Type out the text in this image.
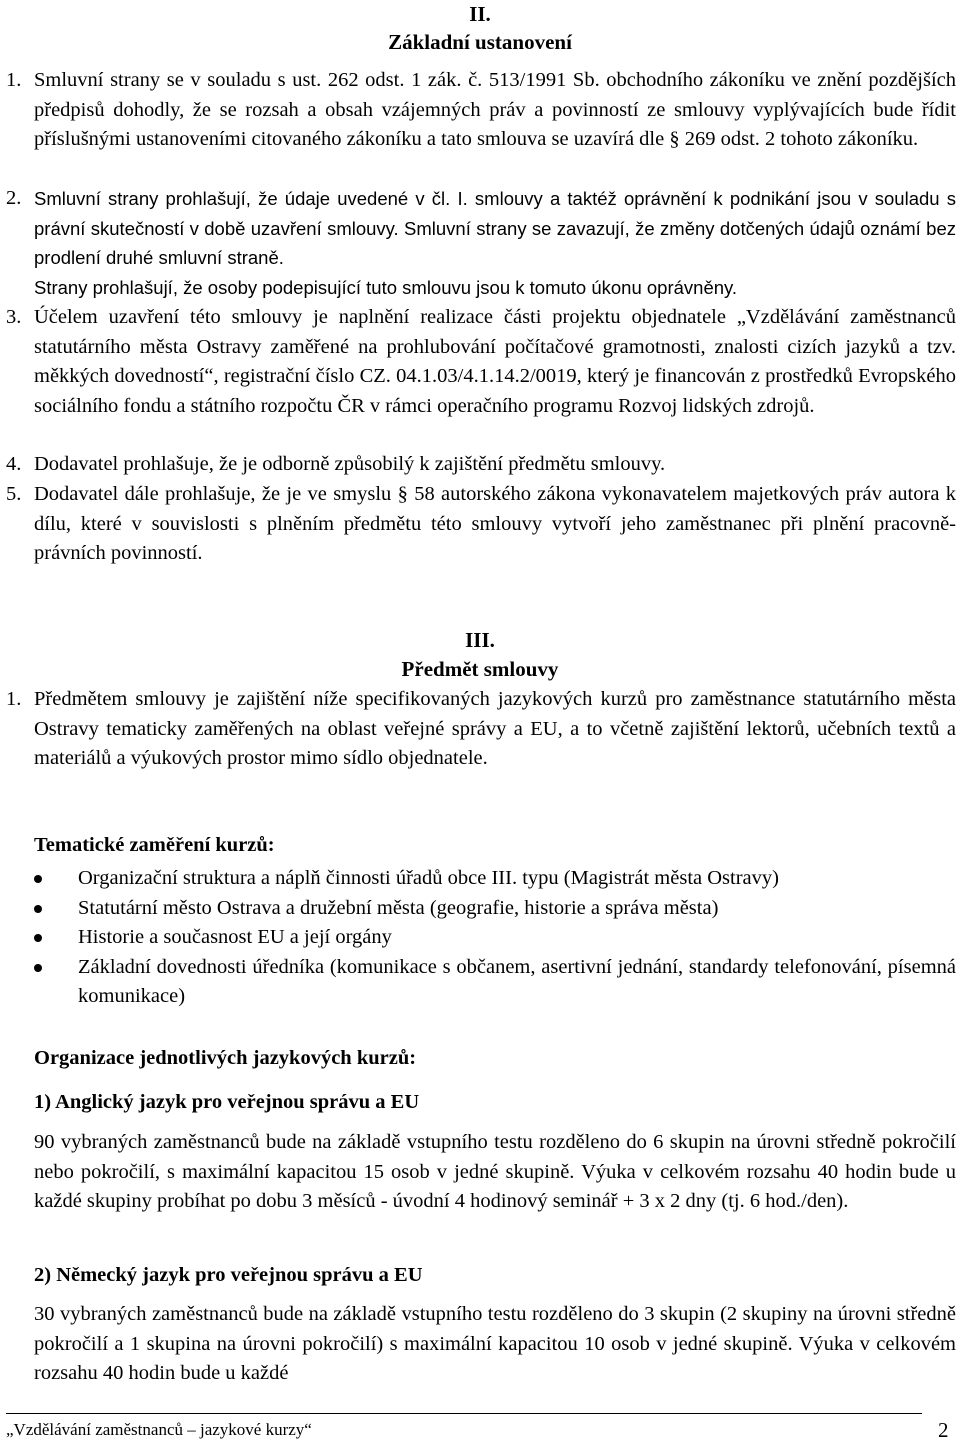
II.
Základní ustanovení
1. Smluvní strany se v souladu s ust. 262 odst. 1 zák. č. 513/1991 Sb. obchodního zákoníku ve znění pozdějších předpisů dohodly, že se rozsah a obsah vzájemných práv a povinností ze smlouvy vyplývajících bude řídit příslušnými ustanoveními citovaného zákoníku a tato smlouva se uzavírá dle § 269 odst. 2 tohoto zákoníku.
2. Smluvní strany prohlašují, že údaje uvedené v čl. I. smlouvy a taktéž oprávnění k podnikání jsou v souladu s právní skutečností v době uzavření smlouvy. Smluvní strany se zavazují, že změny dotčených údajů oznámí bez prodlení druhé smluvní straně.
Strany prohlašují, že osoby podepisující tuto smlouvu jsou k tomuto úkonu oprávněny.
3. Účelem uzavření této smlouvy je naplnění realizace části projektu objednatele „Vzdělávání zaměstnanců statutárního města Ostravy zaměřené na prohlubování počítačové gramotnosti, znalosti cizích jazyků a tzv. měkkých dovedností“, registrační číslo CZ. 04.1.03/4.1.14.2/0019, který je financován z prostředků Evropského sociálního fondu a státního rozpočtu ČR v rámci operačního programu Rozvoj lidských zdrojů.
4. Dodavatel prohlašuje, že je odborně způsobilý k zajištění předmětu smlouvy.
5. Dodavatel dále prohlašuje, že je ve smyslu § 58 autorského zákona vykonavatelem majetkových práv autora k dílu, které v souvislosti s plněním předmětu této smlouvy vytvoří jeho zaměstnanec při plnění pracovně-právních povinností.
III.
Předmět smlouvy
1. Předmětem smlouvy je zajištění níže specifikovaných jazykových kurzů pro zaměstnance statutárního města Ostravy tematicky zaměřených na oblast veřejné správy a EU, a to včetně zajištění lektorů, učebních textů a materiálů a výukových prostor mimo sídlo objednatele.
Tematické zaměření kurzů:
Organizační struktura a náplň činnosti úřadů obce III. typu (Magistrát města Ostravy)
Statutární město Ostrava a družební města (geografie, historie a správa města)
Historie a současnost EU a její orgány
Základní dovednosti úředníka (komunikace s občanem, asertivní jednání, standardy telefonování, písemná komunikace)
Organizace jednotlivých jazykových kurzů:
1) Anglický jazyk pro veřejnou správu a EU
90 vybraných zaměstnanců bude na základě vstupního testu rozděleno do 6 skupin na úrovni středně pokročilí nebo pokročilí, s maximální kapacitou 15 osob v jedné skupině. Výuka v celkovém rozsahu 40 hodin bude u každé skupiny probíhat po dobu 3 měsíců - úvodní 4 hodinový seminář + 3 x 2 dny (tj. 6 hod./den).
2) Německý jazyk pro veřejnou správu a EU
30 vybraných zaměstnanců bude na základě vstupního testu rozděleno do 3 skupin (2 skupiny na úrovni středně pokročilí a 1 skupina na úrovni pokročilí) s maximální kapacitou 10 osob v jedné skupině. Výuka v celkovém rozsahu 40 hodin bude u každé
„Vzdělávání zaměstnanců – jazykové kurzy“	2
